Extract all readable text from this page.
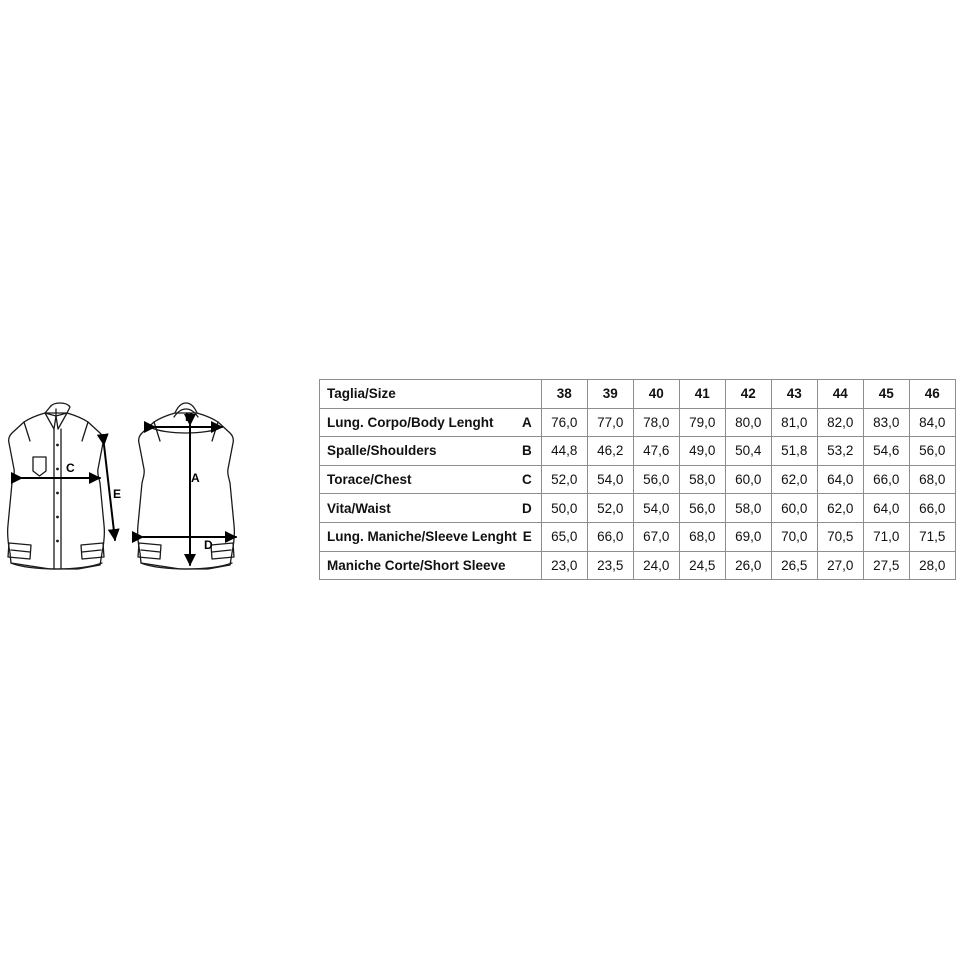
C
E
B
A
D
Taglia/Size	38	39	40	41	42	43	44	45	46

Lung. Corpo/Body Lenght A	76,0	77,0	78,0	79,0	80,0	81,0	82,0	83,0	84,0

Spalle/Shoulders B	44,8	46,2	47,6	49,0	50,4	51,8	53,2	54,6	56,0

Torace/Chest C	52,0	54,0	56,0	58,0	60,0	62,0	64,0	66,0	68,0

Vita/Waist D	50,0	52,0	54,0	56,0	58,0	60,0	62,0	64,0	66,0

Lung. Maniche/Sleeve Lenght E	65,0	66,0	67,0	68,0	69,0	70,0	70,5	71,0	71,5

Maniche Corte/Short Sleeve	23,0	23,5	24,0	24,5	26,0	26,5	27,0	27,5	28,0
